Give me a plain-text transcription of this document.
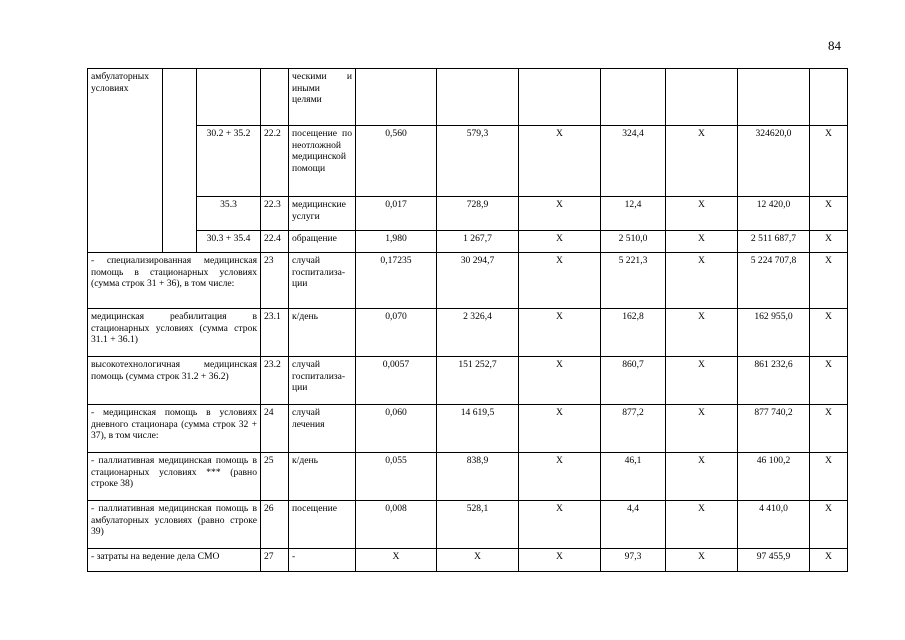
84
амбулаторных условиях				ческими и иными целями							
		30.2 + 35.2	22.2	посещение по неотложной медицинской помощи	0,560	579,3	X	324,4	X	324620,0	X
		35.3	22.3	медицинские услуги	0,017	728,9	X	12,4	X	12 420,0	X
		30.3 + 35.4	22.4	обращение	1,980	1 267,7	X	2 510,0	X	2 511 687,7	X
- специализированная медицинская помощь в стационарных условиях (сумма строк 31 + 36), в том числе:			23	случай госпитализа-ции	0,17235	30 294,7	X	5 221,3	X	5 224 707,8	X
медицинская реабилитация в стационарных условиях (сумма строк 31.1 + 36.1)			23.1	к/день	0,070	2 326,4	X	162,8	X	162 955,0	X
высокотехнологичная медицинская помощь (сумма строк 31.2 + 36.2)			23.2	случай госпитализа-ции	0,0057	151 252,7	X	860,7	X	861 232,6	X
- медицинская помощь в условиях дневного стационара (сумма строк 32 + 37), в том числе:			24	случай лечения	0,060	14 619,5	X	877,2	X	877 740,2	X
- паллиативная медицинская помощь в стационарных условиях *** (равно строке 38)			25	к/день	0,055	838,9	X	46,1	X	46 100,2	X
- паллиативная медицинская помощь в амбулаторных условиях (равно строке 39)			26	посещение	0,008	528,1	X	4,4	X	4 410,0	X
- затраты на ведение дела СМО			27	-	X	X	X	97,3	X	97 455,9	X
